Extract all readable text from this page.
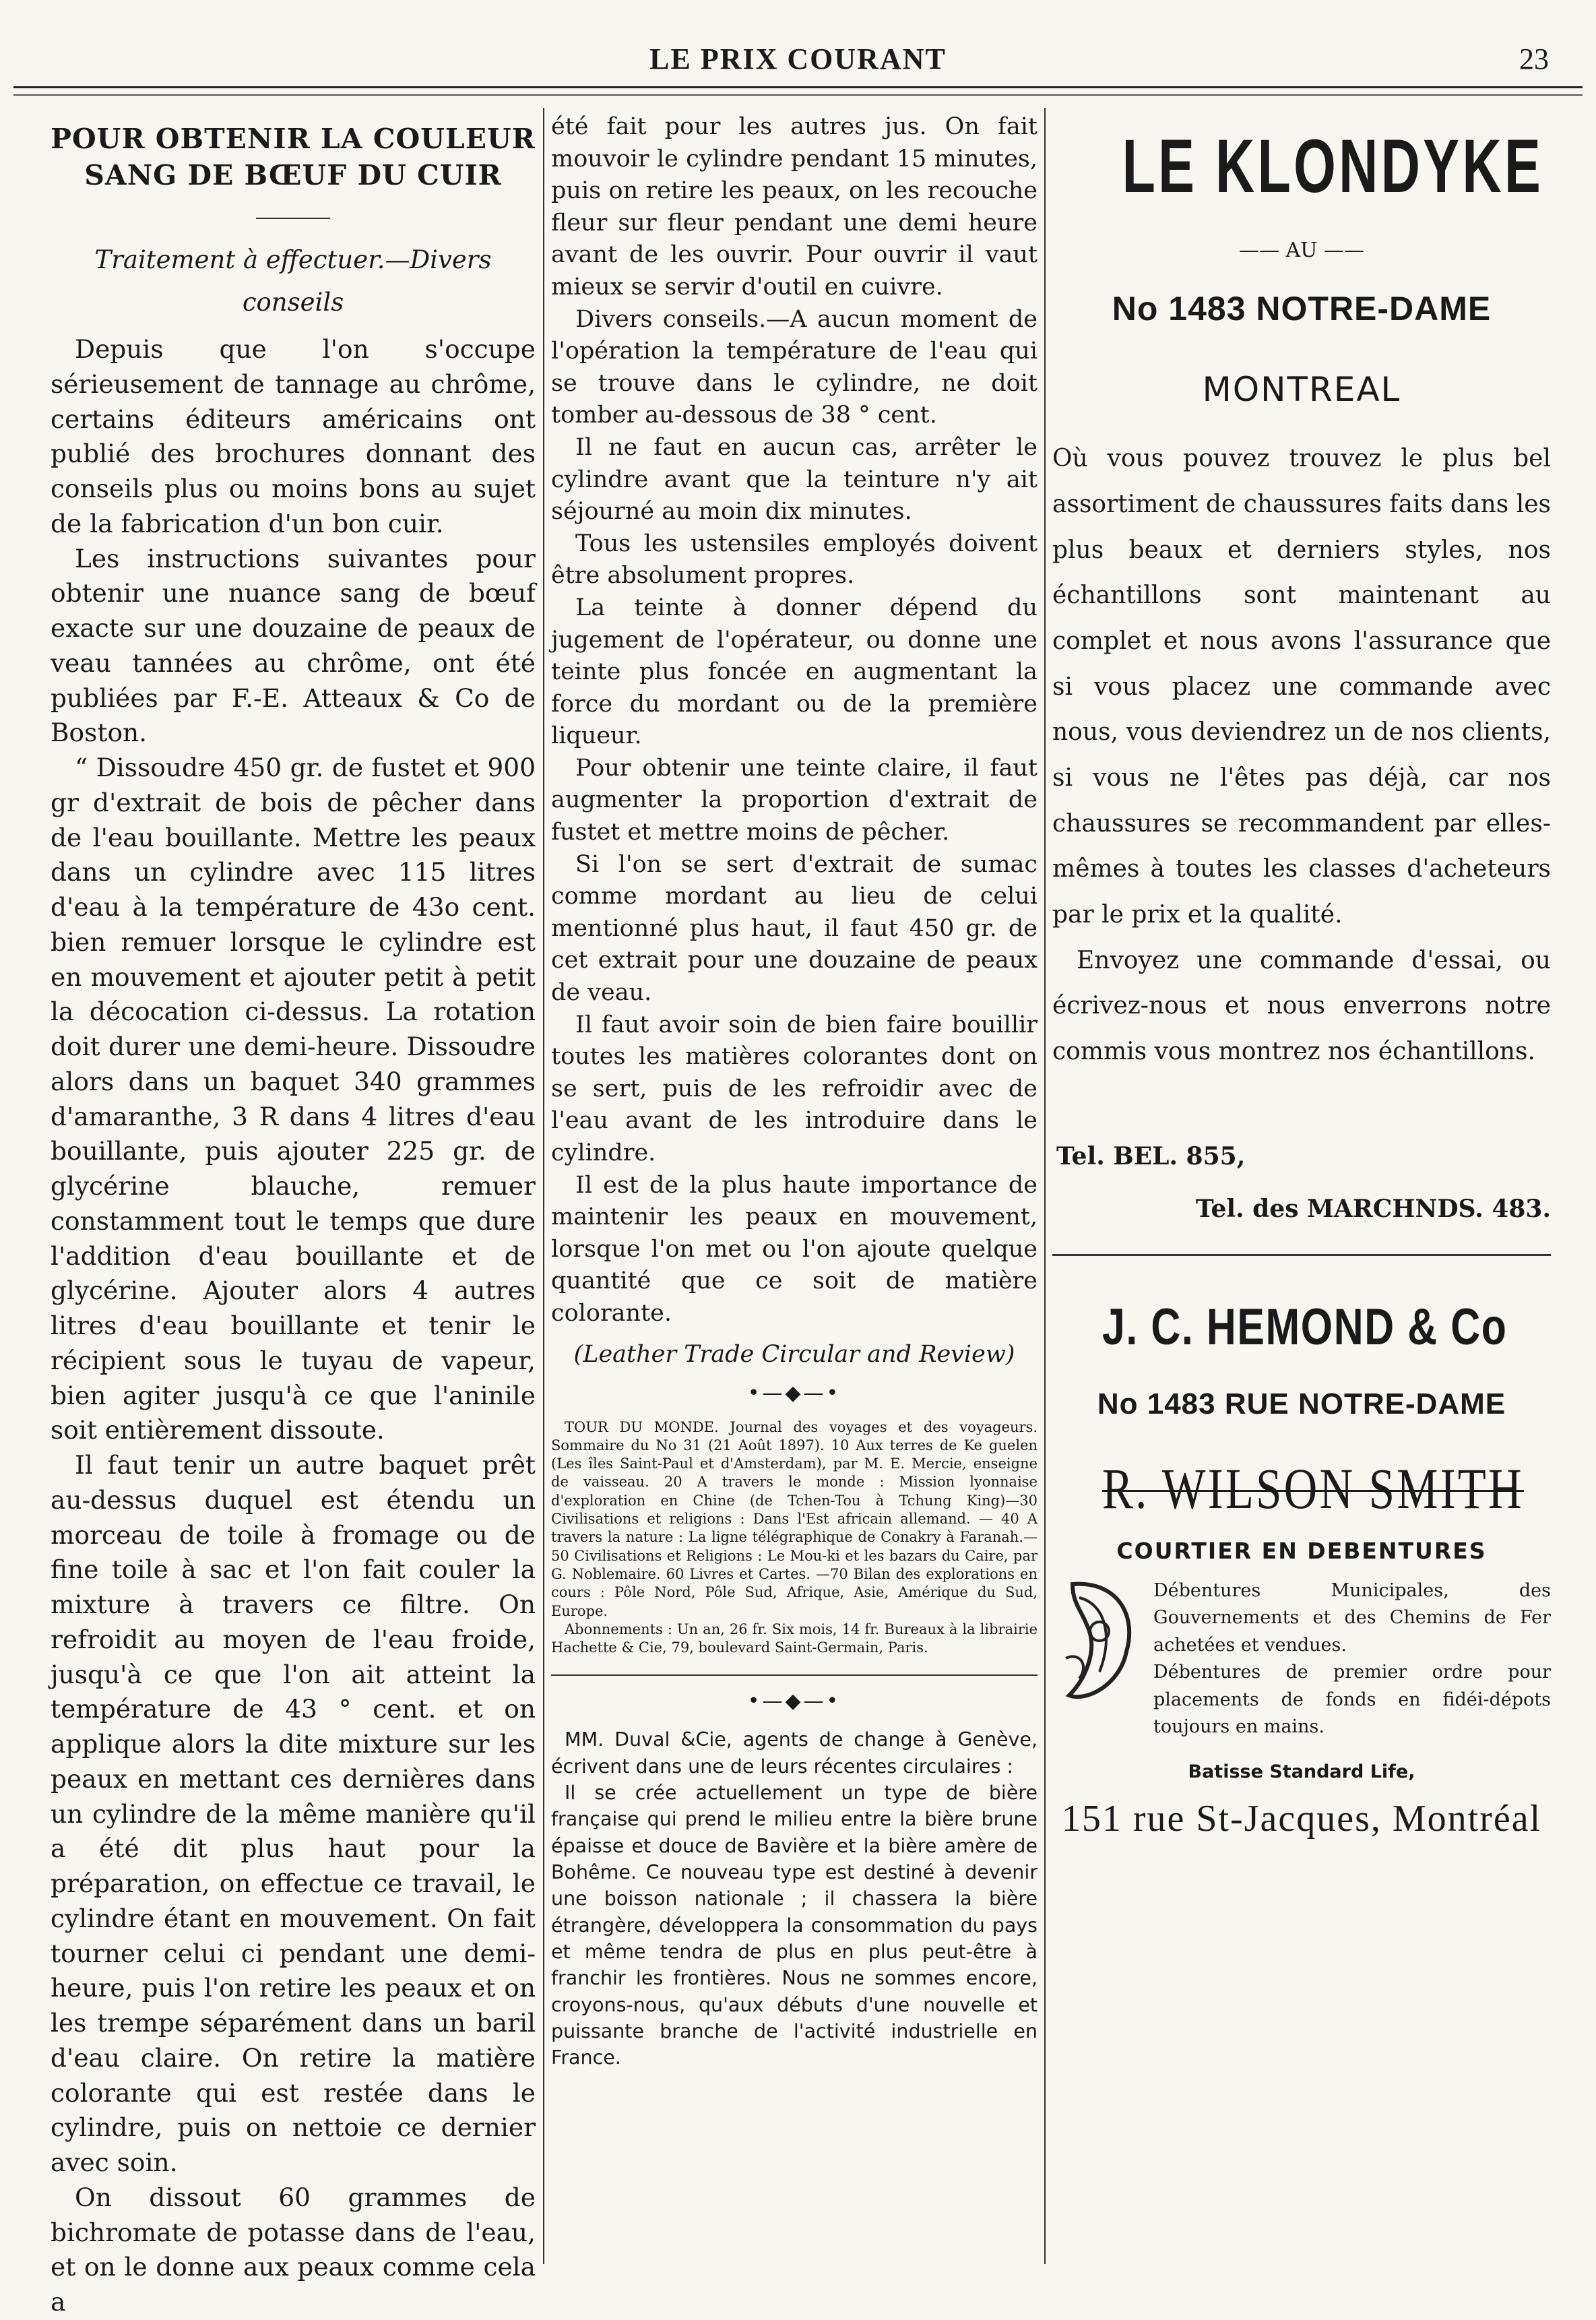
LE PRIX COURANT	23
POUR OBTENIR LA COULEUR SANG DE BŒUF DU CUIR
Traitement à effectuer.—Divers conseils

Depuis que l'on s'occupe sérieusement de tannage au chrôme, certains éditeurs américains ont publié des brochures donnant des conseils plus ou moins bons au sujet de la fabrication d'un bon cuir.

Les instructions suivantes pour obtenir une nuance sang de bœuf exacte sur une douzaine de peaux de veau tannées au chrôme, ont été publiées par F.-E. Atteaux & Co de Boston.

“ Dissoudre 450 gr. de fustet et 900 gr d'extrait de bois de pêcher dans de l'eau bouillante. Mettre les peaux dans un cylindre avec 115 litres d'eau à la température de 43o cent. bien remuer lorsque le cylindre est en mouvement et ajouter petit à petit la décocation ci-dessus. La rotation doit durer une demi-heure. Dissoudre alors dans un baquet 340 grammes d'amaranthe, 3 R dans 4 litres d'eau bouillante, puis ajouter 225 gr. de glycérine blauche, remuer constamment tout le temps que dure l'addition d'eau bouillante et de glycérine. Ajouter alors 4 autres litres d'eau bouillante et tenir le récipient sous le tuyau de vapeur, bien agiter jusqu'à ce que l'aninile soit entièrement dissoute.

Il faut tenir un autre baquet prêt au-dessus duquel est étendu un morceau de toile à fromage ou de fine toile à sac et l'on fait couler la mixture à travers ce filtre. On refroidit au moyen de l'eau froide, jusqu'à ce que l'on ait atteint la température de 43 ° cent. et on applique alors la dite mixture sur les peaux en mettant ces dernières dans un cylindre de la même manière qu'il a été dit plus haut pour la préparation, on effectue ce travail, le cylindre étant en mouvement. On fait tourner celui ci pendant une demi-heure, puis l'on retire les peaux et on les trempe séparément dans un baril d'eau claire. On retire la matière colorante qui est restée dans le cylindre, puis on nettoie ce dernier avec soin.

On dissout 60 grammes de bichromate de potasse dans de l'eau, et on le donne aux peaux comme cela a

été fait pour les autres jus. On fait mouvoir le cylindre pendant 15 minutes, puis on retire les peaux, on les recouche fleur sur fleur pendant une demi heure avant de les ouvrir. Pour ouvrir il vaut mieux se servir d'outil en cuivre.

Divers conseils.—A aucun moment de l'opération la température de l'eau qui se trouve dans le cylindre, ne doit tomber au-dessous de 38 ° cent.

Il ne faut en aucun cas, arrêter le cylindre avant que la teinture n'y ait séjourné au moin dix minutes.

Tous les ustensiles employés doivent être absolument propres.

La teinte à donner dépend du jugement de l'opérateur, ou donne une teinte plus foncée en augmentant la force du mordant ou de la première liqueur.

Pour obtenir une teinte claire, il faut augmenter la proportion d'extrait de fustet et mettre moins de pêcher.

Si l'on se sert d'extrait de sumac comme mordant au lieu de celui mentionné plus haut, il faut 450 gr. de cet extrait pour une douzaine de peaux de veau.

Il faut avoir soin de bien faire bouillir toutes les matières colorantes dont on se sert, puis de les refroidir avec de l'eau avant de les introduire dans le cylindre.

Il est de la plus haute importance de maintenir les peaux en mouvement, lorsque l'on met ou l'on ajoute quelque quantité que ce soit de matière colorante.

(Leather Trade Circular and Review)
•—◆—•

TOUR DU MONDE. Journal des voyages et des voyageurs. Sommaire du No 31 (21 Août 1897). 10 Aux terres de Ke guelen (Les îles Saint-Paul et d'Amsterdam), par M. E. Mercie, enseigne de vaisseau. 20 A travers le monde : Mission lyonnaise d'exploration en Chine (de Tchen-Tou à Tchung King)—30 Civilisations et religions : Dans l'Est africain allemand. — 40 A travers la nature : La ligne télégraphique de Conakry à Faranah.—50 Civilisations et Religions : Le Mou-ki et les bazars du Caire, par G. Noblemaire. 60 Livres et Cartes. —70 Bilan des explorations en cours : Pôle Nord, Pôle Sud, Afrique, Asie, Amérique du Sud, Europe.

Abonnements : Un an, 26 fr. Six mois, 14 fr. Bureaux à la librairie Hachette & Cie, 79, boulevard Saint-Germain, Paris.

•—◆—•

MM. Duval &Cie, agents de change à Genève, écrivent dans une de leurs récentes circulaires :

Il se crée actuellement un type de bière française qui prend le milieu entre la bière brune épaisse et douce de Bavière et la bière amère de Bohême. Ce nouveau type est destiné à devenir une boisson nationale ; il chassera la bière étrangère, développera la consommation du pays et même tendra de plus en plus peut-être à franchir les frontières. Nous ne sommes encore, croyons-nous, qu'aux débuts d'une nouvelle et puissante branche de l'activité industrielle en France.

LE KLONDYKE
—— AU ——
No 1483 NOTRE-DAME
MONTREAL

Où vous pouvez trouvez le plus bel assortiment de chaussures faits dans les plus beaux et derniers styles, nos échantillons sont maintenant au complet et nous avons l'assurance que si vous placez une commande avec nous, vous deviendrez un de nos clients, si vous ne l'êtes pas déjà, car nos chaussures se recommandent par elles-mêmes à toutes les classes d'acheteurs par le prix et la qualité.

Envoyez une commande d'essai, ou écrivez-nous et nous enverrons notre commis vous montrez nos échantillons.

Tel. BEL. 855,
Tel. des MARCHNDS. 483.
J. C. HEMOND & Co
No 1483 RUE NOTRE-DAME
R. WILSON SMITH
COURTIER EN DEBENTURES

Débentures Municipales, des Gouvernements et des Chemins de Fer achetées et vendues.

Débentures de premier ordre pour placements de fonds en fidéi-dépots toujours en mains.

Batisse Standard Life,
151 rue St-Jacques, Montréal
